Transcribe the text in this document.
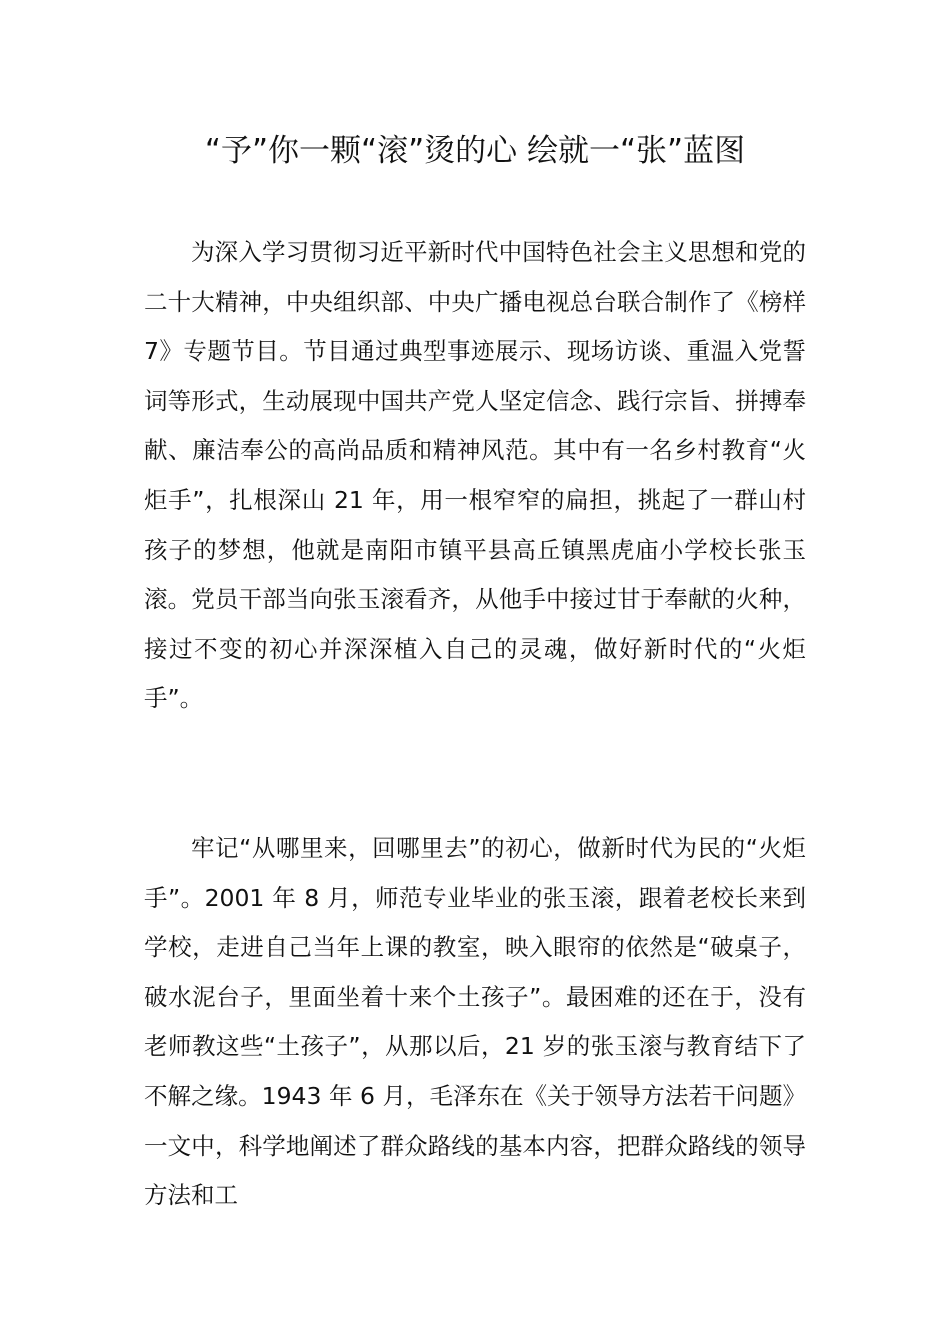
“予”你一颗“滚”烫的心 绘就一“张”蓝图

为深入学习贯彻习近平新时代中国特色社会主义思想和党的二十大精神，中央组织部、中央广播电视总台联合制作了《榜样 7》专题节目。节目通过典型事迹展示、现场访谈、重温入党誓词等形式，生动展现中国共产党人坚定信念、践行宗旨、拼搏奉献、廉洁奉公的高尚品质和精神风范。其中有一名乡村教育“火炬手”，扎根深山 21 年，用一根窄窄的扁担，挑起了一群山村孩子的梦想，他就是南阳市镇平县高丘镇黑虎庙小学校长张玉滚。党员干部当向张玉滚看齐，从他手中接过甘于奉献的火种，接过不变的初心并深深植入自己的灵魂，做好新时代的“火炬手”。

牢记“从哪里来，回哪里去”的初心，做新时代为民的“火炬手”。2001 年 8 月，师范专业毕业的张玉滚，跟着老校长来到学校，走进自己当年上课的教室，映入眼帘的依然是“破桌子，破水泥台子，里面坐着十来个土孩子”。最困难的还在于，没有老师教这些“土孩子”，从那以后，21 岁的张玉滚与教育结下了不解之缘。1943 年 6 月，毛泽东在《关于领导方法若干问题》一文中，科学地阐述了群众路线的基本内容，把群众路线的领导方法和工
